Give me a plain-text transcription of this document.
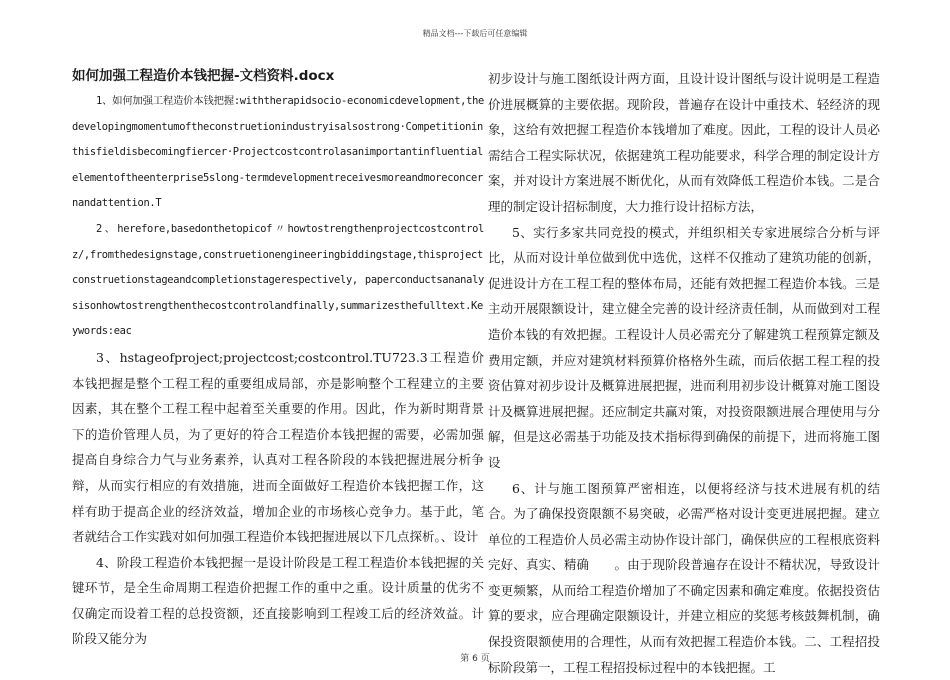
精品文档---下载后可任意编辑
如何加强工程造价本钱把握-文档资料.docx

1、如何加强工程造价本钱把握:withtherapidsocio-economicdevelopment,thedevelopingmomentumoftheconstruetionindustryisalsostrong·Competitioninthisfieldisbecomingfiercer·Projectcostcontrolasanimportantinfluentialelementoftheenterprise5slong-termdevelopmentreceivesmoreandmoreconcernandattention.T

2、herefore,basedonthetopicof〃howtostrengthenprojectcostcontrolz/,fromthedesignstage,construetionengineeringbiddingstage,thisprojectconstruetionstageandcompletionstagerespectively, paperconductsananalysisonhowtostrengthenthecostcontrolandfinally,summarizesthefulltext.Keywords:eac

3、hstageofproject;projectcost;costcontrol.TU723.3工程造价本钱把握是整个工程工程的重要组成局部，亦是影响整个工程建立的主要因素，其在整个工程工程中起着至关重要的作用。因此，作为新时期背景下的造价管理人员，为了更好的符合工程造价本钱把握的需要，必需加强提高自身综合力气与业务素养，认真对工程各阶段的本钱把握进展分析争辩，从而实行相应的有效措施，进而全面做好工程造价本钱把握工作，这样有助于提高企业的经济效益，增加企业的市场核心竞争力。基于此，笔者就结合工作实践对如何加强工程造价本钱把握进展以下几点探析。、设计

4、阶段工程造价本钱把握一是设计阶段是工程工程造价本钱把握的关键环节，是全生命周期工程造价把握工作的重中之重。设计质量的优劣不仅确定而设着工程的总投资额，还直接影响到工程竣工后的经济效益。计阶段又能分为

初步设计与施工图纸设计两方面，且设计设计图纸与设计说明是工程造价进展概算的主要依据。现阶段，普遍存在设计中重技术、轻经济的现象，这给有效把握工程造价本钱增加了难度。因此，工程的设计人员必需结合工程实际状况，依据建筑工程功能要求，科学合理的制定设计方案，并对设计方案进展不断优化，从而有效降低工程造价本钱。二是合理的制定设计招标制度，大力推行设计招标方法，

5、实行多家共同竞投的模式，并组织相关专家进展综合分析与评比，从而对设计单位做到优中选优，这样不仅推动了建筑功能的创新，促进设计方在工程工程的整体布局，还能有效把握工程造价本钱。三是主动开展限额设计，建立健全完善的设计经济责任制，从而做到对工程造价本钱的有效把握。工程设计人员必需充分了解建筑工程预算定额及费用定额，并应对建筑材料预算价格格外生疏，而后依据工程工程的投资估算对初步设计及概算进展把握，进而利用初步设计概算对施工图设计及概算进展把握。还应制定共赢对策，对投资限额进展合理使用与分解，但是这必需基于功能及技术指标得到确保的前提下，进而将施工图设

6、计与施工图预算严密相连，以便将经济与技术进展有机的结合。为了确保投资限额不易突破，必需严格对设计变更进展把握。建立单位的工程造价人员必需主动协作设计部门，确保供应的工程根底资料完好、真实、精确　　。由于现阶段普遍存在设计不精状况，导致设计变更频繁，从而给工程造价增加了不确定因素和确定难度。依据投资估算的要求，应合理确定限额设计，并建立相应的奖惩考核鼓舞机制，确保投资限额使用的合理性，从而有效把握工程造价本钱。二、工程招投标阶段第一，工程工程招投标过程中的本钱把握。工

第 6 页
